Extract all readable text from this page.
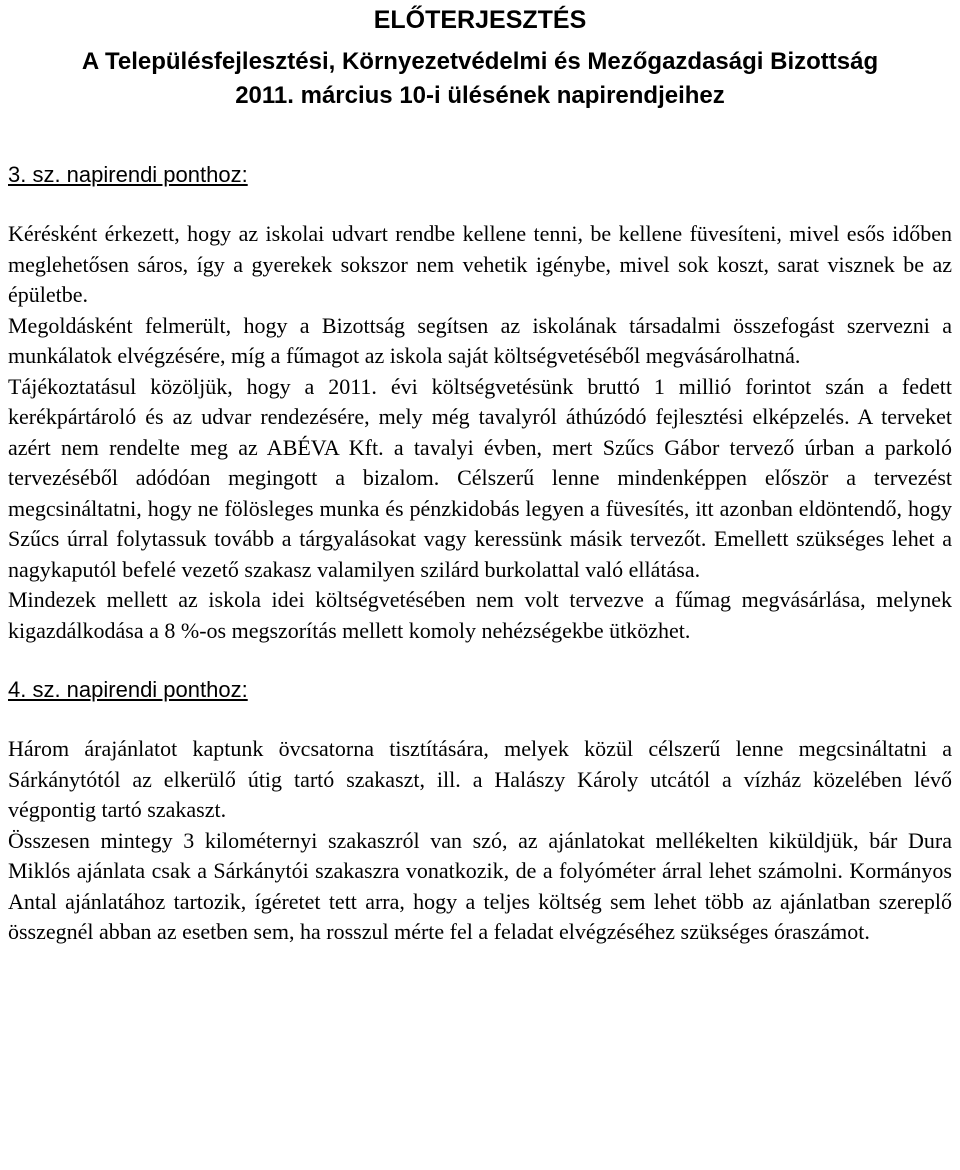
ELŐTERJESZTÉS
A Településfejlesztési, Környezetvédelmi és Mezőgazdasági Bizottság
2011. március 10-i ülésének napirendjeihez

3. sz. napirendi ponthoz:

Kérésként érkezett, hogy az iskolai udvart rendbe kellene tenni, be kellene füvesíteni, mivel esős időben meglehetősen sáros, így a gyerekek sokszor nem vehetik igénybe, mivel sok koszt, sarat visznek be az épületbe.

Megoldásként felmerült, hogy a Bizottság segítsen az iskolának társadalmi összefogást szervezni a munkálatok elvégzésére, míg a fűmagot az iskola saját költségvetéséből megvásárolhatná.

Tájékoztatásul közöljük, hogy a 2011. évi költségvetésünk bruttó 1 millió forintot szán a fedett kerékpártároló és az udvar rendezésére, mely még tavalyról áthúzódó fejlesztési elképzelés. A terveket azért nem rendelte meg az ABÉVA Kft. a tavalyi évben, mert Szűcs Gábor tervező úrban a parkoló tervezéséből adódóan megingott a bizalom. Célszerű lenne mindenképpen először a tervezést megcsináltatni, hogy ne fölösleges munka és pénzkidobás legyen a füvesítés, itt azonban eldöntendő, hogy Szűcs úrral folytassuk tovább a tárgyalásokat vagy keressünk másik tervezőt. Emellett szükséges lehet a nagykaputól befelé vezető szakasz valamilyen szilárd burkolattal való ellátása.

Mindezek mellett az iskola idei költségvetésében nem volt tervezve a fűmag megvásárlása, melynek kigazdálkodása a 8 %-os megszorítás mellett komoly nehézségekbe ütközhet.

4. sz. napirendi ponthoz:

Három árajánlatot kaptunk övcsatorna tisztítására, melyek közül célszerű lenne megcsináltatni a Sárkánytótól az elkerülő útig tartó szakaszt, ill. a Halászy Károly utcától a vízház közelében lévő végpontig tartó szakaszt.

Összesen mintegy 3 kilométernyi szakaszról van szó, az ajánlatokat mellékelten kiküldjük, bár Dura Miklós ajánlata csak a Sárkánytói szakaszra vonatkozik, de a folyóméter árral lehet számolni. Kormányos Antal ajánlatához tartozik, ígéretet tett arra, hogy a teljes költség sem lehet több az ajánlatban szereplő összegnél abban az esetben sem, ha rosszul mérte fel a feladat elvégzéséhez szükséges óraszámot.
